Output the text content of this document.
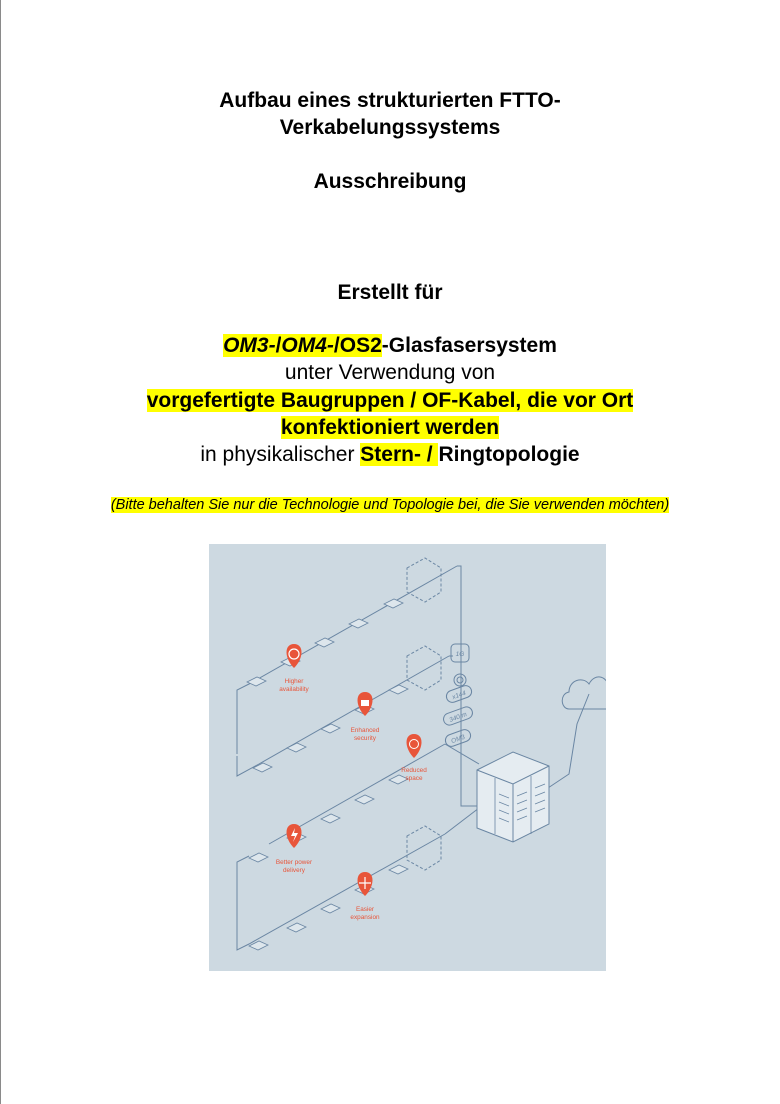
Aufbau eines strukturierten FTTO-
Verkabelungssystems
Ausschreibung
Erstellt für
OM3-/OM4-/OS2-Glasfasersystem
unter Verwendung von
vorgefertigte Baugruppen / OF-Kabel, die vor Ort
konfektioniert werden
in physikalischer Stern- / Ringtopologie
(Bitte behalten Sie nur die Technologie und Topologie bei, die Sie verwenden möchten)
1G
x144
340 m
OM3
Higher
availability
Enhanced
security
Reduced
space
Better power
delivery
Easier
expansion
